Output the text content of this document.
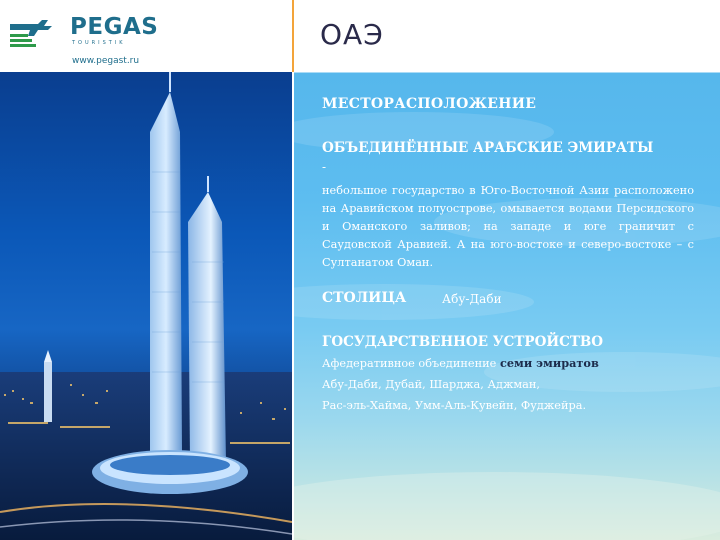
PEGAS
TOURISTIK
www.pegast.ru
ОАЭ
МЕСТОРАСПОЛОЖЕНИЕ
ОБЪЕДИНЁННЫЕ АРАБСКИЕ ЭМИРАТЫ
-
небольшое государство в Юго-Восточной Азии расположено на Аравийском полуострове, омывается водами Персидского и Оманского заливов; на западе и юге граничит с Саудовской Аравией. А на юго-востоке и северо-востоке – с Султанатом Оман.
СТОЛИЦА	Абу-Даби
ГОСУДАРСТВЕННОЕ УСТРОЙСТВО
Афедеративное объединение семи эмиратов
Абу-Даби, Дубай, Шарджа, Аджман,
Рас-эль-Хайма, Умм-Аль-Кувейн, Фуджейра.
